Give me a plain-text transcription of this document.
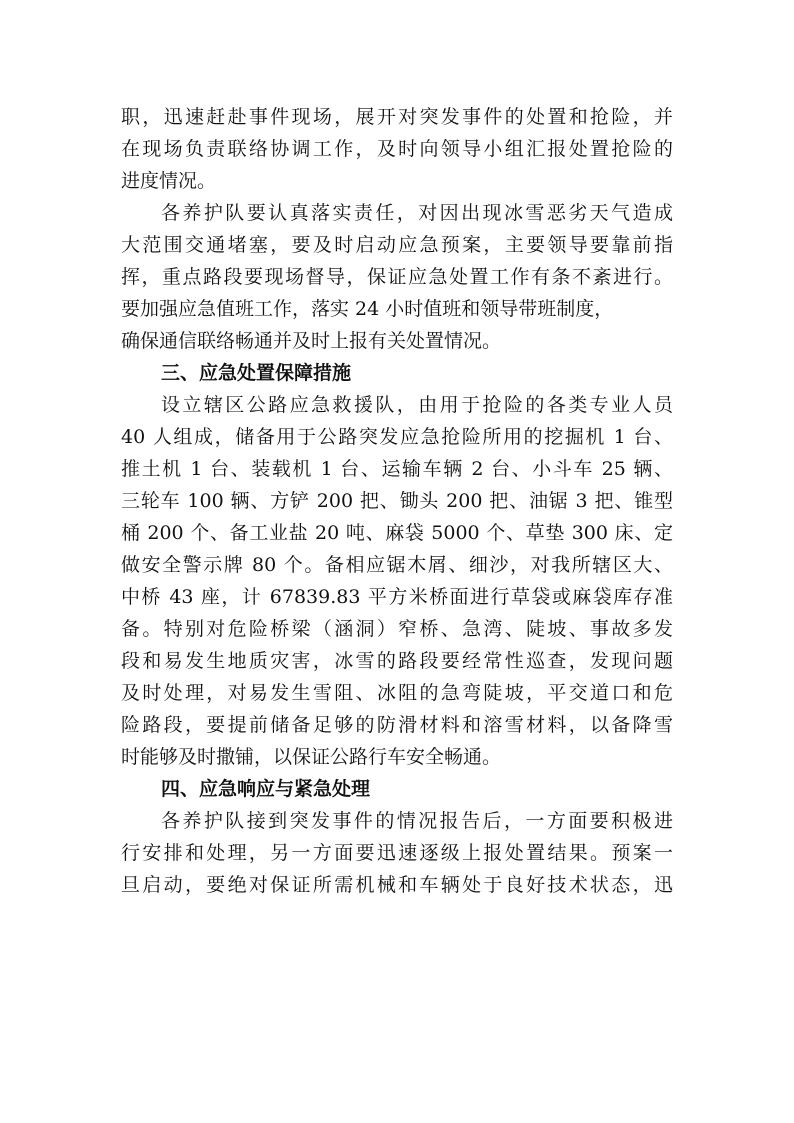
职，迅速赶赴事件现场，展开对突发事件的处置和抢险，并
在现场负责联络协调工作，及时向领导小组汇报处置抢险的
进度情况。
各养护队要认真落实责任，对因出现冰雪恶劣天气造成
大范围交通堵塞，要及时启动应急预案，主要领导要靠前指
挥，重点路段要现场督导，保证应急处置工作有条不紊进行。
要加强应急值班工作，落实 24 小时值班和领导带班制度，
确保通信联络畅通并及时上报有关处置情况。
三、应急处置保障措施
设立辖区公路应急救援队，由用于抢险的各类专业人员
40 人组成，储备用于公路突发应急抢险所用的挖掘机 1 台、
推土机 1 台、装载机 1 台、运输车辆 2 台、小斗车 25 辆、
三轮车 100 辆、方铲 200 把、锄头 200 把、油锯 3 把、锥型
桶 200 个、备工业盐 20 吨、麻袋 5000 个、草垫 300 床、定
做安全警示牌 80 个。备相应锯木屑、细沙，对我所辖区大、
中桥 43 座，计 67839.83 平方米桥面进行草袋或麻袋库存准
备。特别对危险桥梁（涵洞）窄桥、急湾、陡坡、事故多发
段和易发生地质灾害，冰雪的路段要经常性巡查，发现问题
及时处理，对易发生雪阻、冰阻的急弯陡坡，平交道口和危
险路段，要提前储备足够的防滑材料和溶雪材料，以备降雪
时能够及时撒铺，以保证公路行车安全畅通。
四、应急响应与紧急处理
各养护队接到突发事件的情况报告后，一方面要积极进
行安排和处理，另一方面要迅速逐级上报处置结果。预案一
旦启动，要绝对保证所需机械和车辆处于良好技术状态，迅
